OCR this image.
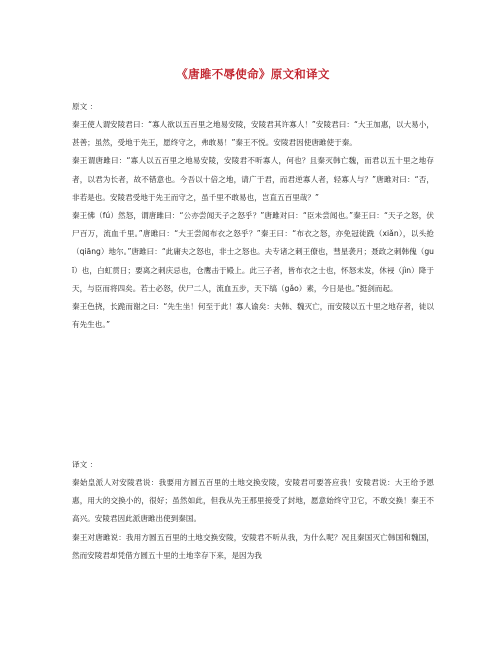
《唐雎不辱使命》原文和译文
原文 ：

秦王使人谓安陵君曰：“寡人欲以五百里之地易安陵，安陵君其许寡人！”安陵君曰：“大王加惠，以大易小，甚善；虽然，受地于先王，愿终守之，弗敢易！”秦王不悦。安陵君因使唐雎使于秦。

秦王谓唐雎曰：“寡人以五百里之地易安陵，安陵君不听寡人，何也？且秦灭韩亡魏，而君以五十里之地存者，以君为长者，故不错意也。今吾以十倍之地，请广于君，而君逆寡人者，轻寡人与？”唐雎对曰：“否，非若是也。安陵君受地于先王而守之，虽千里不敢易也，岂直五百里哉？”

秦王怫（fú）然怒，谓唐雎曰：“公亦尝闻天子之怒乎？”唐雎对曰：“臣未尝闻也。”秦王曰：“天子之怒，伏尸百万，流血千里。”唐雎曰：“大王尝闻布衣之怒乎？”秦王曰：“布衣之怒，亦免冠徒跣（xiǎn），以头抢（qiāng）地尔。”唐雎曰：“此庸夫之怒也，非士之怒也。夫专诸之刺王僚也，彗星袭月；聂政之刺韩傀（guī）也，白虹贯日；要离之刺庆忌也，仓鹰击于殿上。此三子者，皆布衣之士也，怀怒未发，休祲（jìn）降于天，与臣而将四矣。若士必怒，伏尸二人，流血五步，天下缟（gǎo）素，今日是也。”挺剑而起。

秦王色挠，长跪而谢之曰：“先生坐！何至于此！寡人谕矣：夫韩、魏灭亡，而安陵以五十里之地存者，徒以有先生也。”

译文 ：

秦始皇派人对安陵君说：我要用方圆五百里的土地交换安陵，安陵君可要答应我！安陵君说：大王给予恩惠，用大的交换小的，很好；虽然如此，但我从先王那里接受了封地，愿意始终守卫它，不敢交换！秦王不高兴。安陵君因此派唐雎出使到秦国。

秦王对唐雎说：我用方圆五百里的土地交换安陵，安陵君不听从我，为什么呢？况且秦国灭亡韩国和魏国，然而安陵君却凭借方圆五十里的土地幸存下来，是因为我
